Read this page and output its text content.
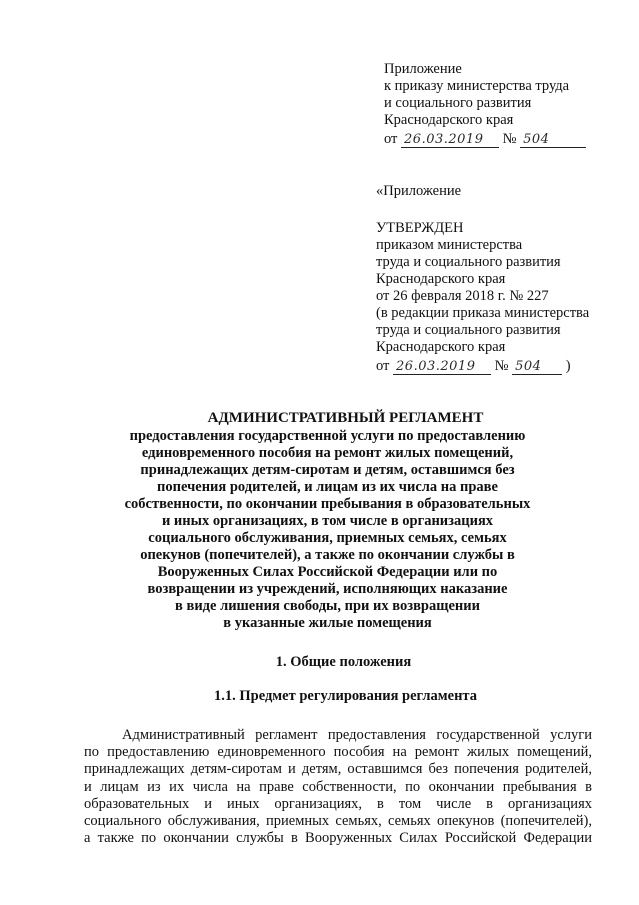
Приложение
к приказу министерства труда
и социального развития
Краснодарского края
от 26.03.2019 № 504
«Приложение
УТВЕРЖДЕН
приказом министерства
труда и социального развития
Краснодарского края
от 26 февраля 2018 г. № 227
(в редакции приказа министерства
труда и социального развития
Краснодарского края
от 26.03.2019 № 504 )
АДМИНИСТРАТИВНЫЙ РЕГЛАМЕНТ
предоставления государственной услуги по предоставлению
единовременного пособия на ремонт жилых помещений,
принадлежащих детям-сиротам и детям, оставшимся без
попечения родителей, и лицам из их числа на праве
собственности, по окончании пребывания в образовательных
и иных организациях, в том числе в организациях
социального обслуживания, приемных семьях, семьях
опекунов (попечителей), а также по окончании службы в
Вооруженных Силах Российской Федерации или по
возвращении из учреждений, исполняющих наказание
в виде лишения свободы, при их возвращении
в указанные жилые помещения
1. Общие положения
1.1. Предмет регулирования регламента
Административный регламент предоставления государственной услуги
по предоставлению единовременного пособия на ремонт жилых помещений,
принадлежащих детям-сиротам и детям, оставшимся без попечения родителей,
и лицам из их числа на праве собственности, по окончании пребывания в
образовательных и иных организациях, в том числе в организациях
социального обслуживания, приемных семьях, семьях опекунов (попечителей),
а также по окончании службы в Вооруженных Силах Российской Федерации
